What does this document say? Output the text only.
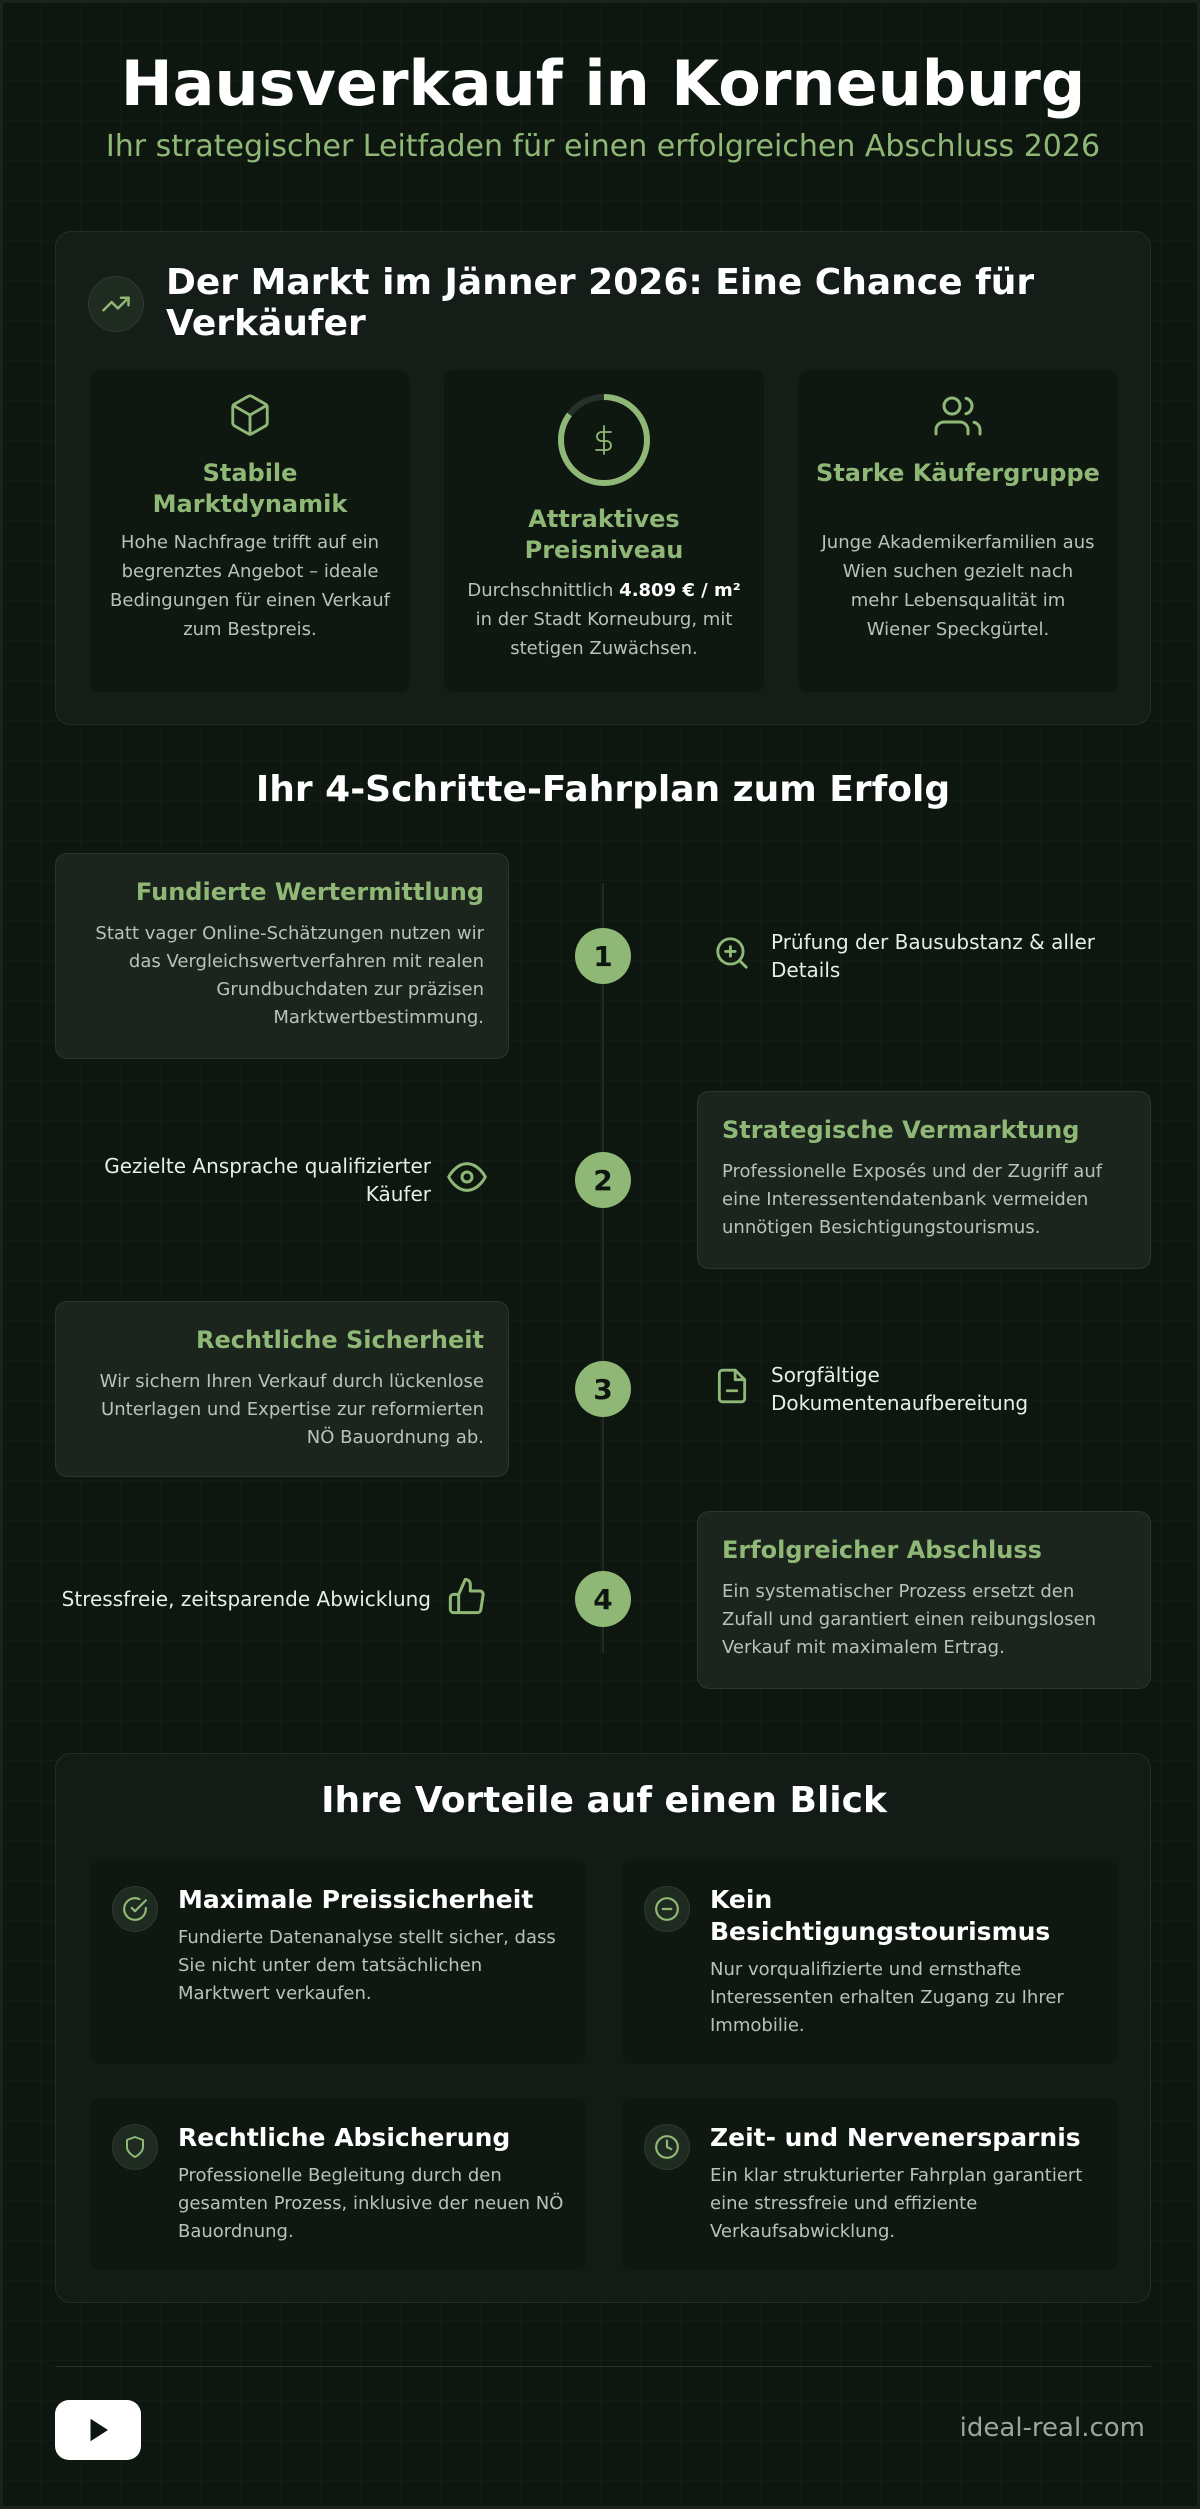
Hausverkauf in Korneuburg
Ihr strategischer Leitfaden für einen erfolgreichen Abschluss 2026
Der Markt im Jänner 2026: Eine Chance für Verkäufer
Stabile Marktdynamik

Hohe Nachfrage trifft auf ein begrenztes Angebot – ideale Bedingungen für einen Verkauf zum Bestpreis.

Attraktives Preisniveau

Durchschnittlich 4.809 € / m² in der Stadt Korneuburg, mit stetigen Zuwächsen.

Starke Käufergruppe

Junge Akademikerfamilien aus Wien suchen gezielt nach mehr Lebensqualität im Wiener Speckgürtel.

Ihr 4-Schritte-Fahrplan zum Erfolg
Fundierte Wertermittlung

Statt vager Online-Schätzungen nutzen wir das Vergleichswertverfahren mit realen Grundbuchdaten zur präzisen Marktwertbestimmung.

1	Prüfung der Bausubstanz & aller Details
Strategische Vermarktung

Professionelle Exposés und der Zugriff auf eine Interessentendatenbank vermeiden unnötigen Besichtigungstourismus.

2
Gezielte Ansprache qualifizierter Käufer
Rechtliche Sicherheit

Wir sichern Ihren Verkauf durch lückenlose Unterlagen und Expertise zur reformierten NÖ Bauordnung ab.

3	Sorgfältige Dokumentenaufbereitung
Erfolgreicher Abschluss

Ein systematischer Prozess ersetzt den Zufall und garantiert einen reibungslosen Verkauf mit maximalem Ertrag.

4
Stressfreie, zeitsparende Abwicklung
Ihre Vorteile auf einen Blick
Maximale Preissicherheit

Fundierte Datenanalyse stellt sicher, dass Sie nicht unter dem tatsächlichen Marktwert verkaufen.

Kein Besichtigungstourismus

Nur vorqualifizierte und ernsthafte Interessenten erhalten Zugang zu Ihrer Immobilie.

Rechtliche Absicherung

Professionelle Begleitung durch den gesamten Prozess, inklusive der neuen NÖ Bauordnung.

Zeit- und Nervenersparnis

Ein klar strukturierter Fahrplan garantiert eine stressfreie und effiziente Verkaufsabwicklung.

ideal-real.com
